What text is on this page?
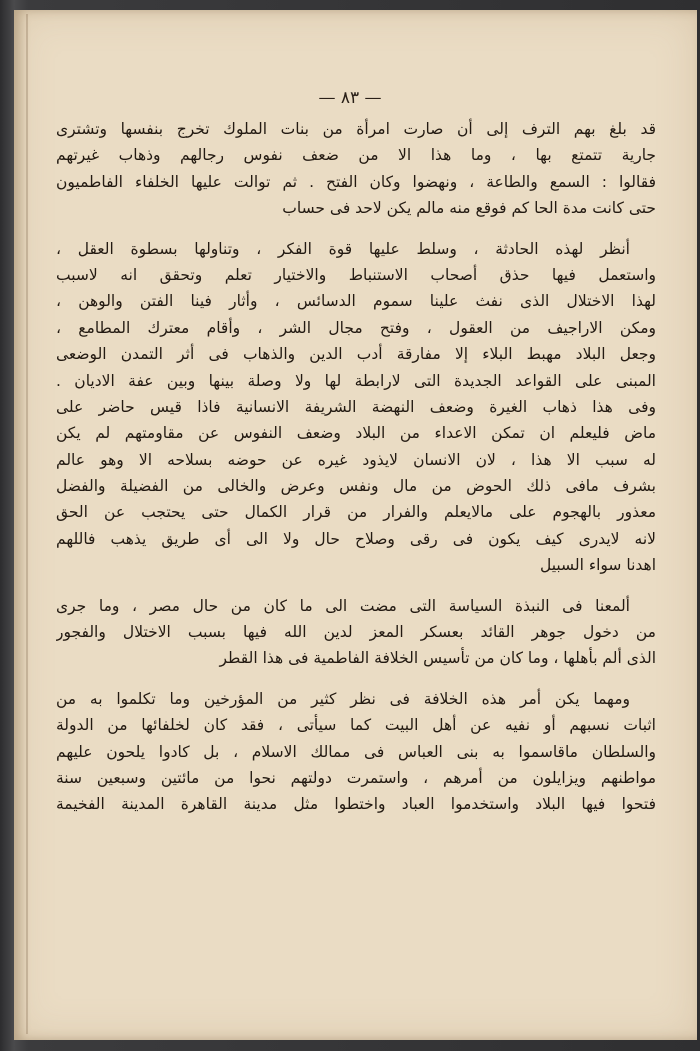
— ٨٣ —
قد بلغ بهم الترف إلى أن صارت امرأة من بنات الملوك تخرج بنفسها وتشترى
جارية تتمتع بها ، وما هذا الا من ضعف نفوس رجالهم وذهاب غيرتهم
فقالوا : السمع والطاعة ، ونهضوا وكان الفتح . ثم توالت عليها الخلفاء الفاطميون
حتى كانت مدة الحا كم فوقع منه مالم يكن لاحد فى حساب
أنظر لهذه الحادثة ، وسلط عليها قوة الفكر ، وتناولها بسطوة العقل ،
واستعمل فيها حذق أصحاب الاستنباط والاختيار تعلم وتحقق انه لاسبب
لهذا الاختلال الذى نفث علينا سموم الدسائس ، وأثار فينا الفتن والوهن ،
ومكن الاراجيف من العقول ، وفتح مجال الشر ، وأقام معترك المطامع ،
وجعل البلاد مهبط البلاء إلا مفارقة أدب الدين والذهاب فى أثر التمدن الوضعى
المبنى على القواعد الجديدة التى لارابطة لها ولا وصلة بينها وبين عفة الاديان .
وفى هذا ذهاب الغيرة وضعف النهضة الشريفة الانسانية فاذا قيس حاضر على
ماض فليعلم ان تمكن الاعداء من البلاد وضعف النفوس عن مقاومتهم لم يكن
له سبب الا هذا ، لان الانسان لايذود غيره عن حوضه بسلاحه الا وهو عالم
بشرف مافى ذلك الحوض من مال ونفس وعرض والخالى من الفضيلة والفضل
معذور بالهجوم على مالايعلم والفرار من قرار الكمال حتى يحتجب عن الحق
لانه لايدرى كيف يكون فى رقى وصلاح حال ولا الى أى طريق يذهب فاللهم
اهدنا سواء السبيل
ألمعنا فى النبذة السياسة التى مضت الى ما كان من حال مصر ، وما جرى
من دخول جوهر القائد بعسكر المعز لدين الله فيها بسبب الاختلال والفجور
الذى ألم بأهلها ، وما كان من تأسيس الخلافة الفاطمية فى هذا القطر
ومهما يكن أمر هذه الخلافة فى نظر كثير من المؤرخين وما تكلموا به من
اثبات نسبهم أو نفيه عن أهل البيت كما سيأتى ، فقد كان لخلفائها من الدولة
والسلطان ماقاسموا به بنى العباس فى ممالك الاسلام ، بل كادوا يلحون عليهم
مواطنهم ويزايلون من أمرهم ، واستمرت دولتهم نحوا من مائتين وسبعين سنة
فتحوا فيها البلاد واستخدموا العباد واختطوا مثل مدينة القاهرة المدينة الفخيمة
